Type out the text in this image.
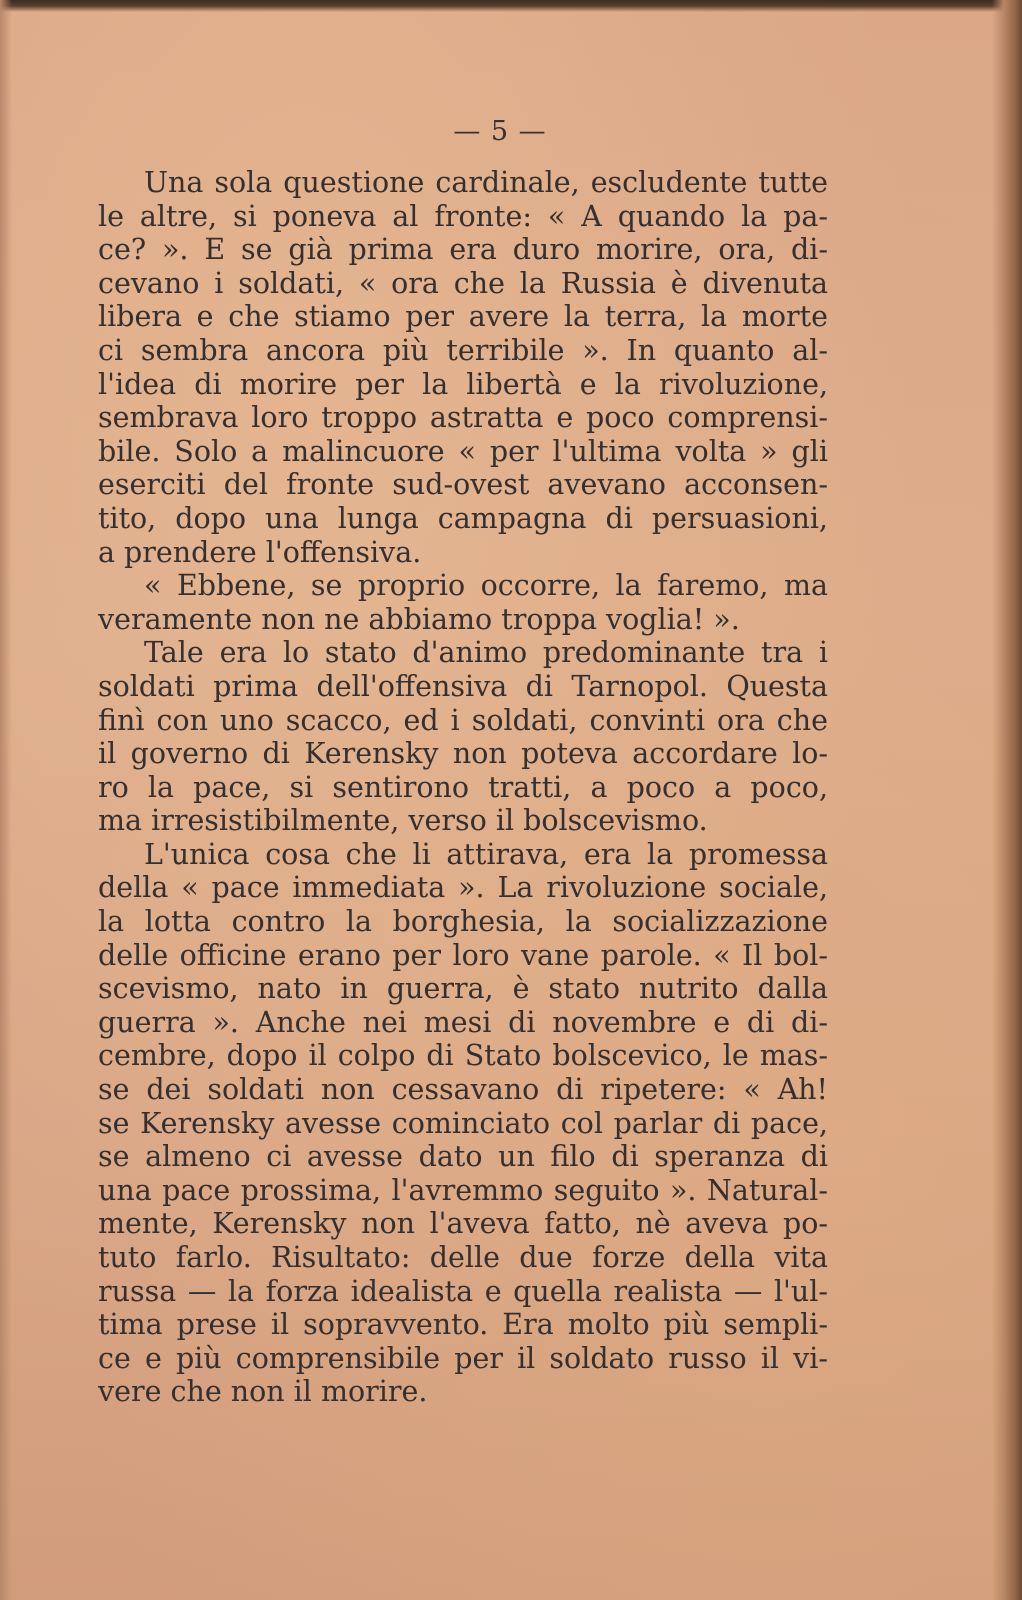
— 5 —
Una sola questione cardinale, escludente tutte
le altre, si poneva al fronte: « A quando la pa-
ce? ». E se già prima era duro morire, ora, di-
cevano i soldati, « ora che la Russia è divenuta
libera e che stiamo per avere la terra, la morte
ci sembra ancora più terribile ». In quanto al-
l'idea di morire per la libertà e la rivoluzione,
sembrava loro troppo astratta e poco comprensi-
bile. Solo a malincuore « per l'ultima volta » gli
eserciti del fronte sud-ovest avevano acconsen-
tito, dopo una lunga campagna di persuasioni,
a prendere l'offensiva.
« Ebbene, se proprio occorre, la faremo, ma
veramente non ne abbiamo troppa voglia! ».
Tale era lo stato d'animo predominante tra i
soldati prima dell'offensiva di Tarnopol. Questa
finì con uno scacco, ed i soldati, convinti ora che
il governo di Kerensky non poteva accordare lo-
ro la pace, si sentirono tratti, a poco a poco,
ma irresistibilmente, verso il bolscevismo.
L'unica cosa che li attirava, era la promessa
della « pace immediata ». La rivoluzione sociale,
la lotta contro la borghesia, la socializzazione
delle officine erano per loro vane parole. « Il bol-
scevismo, nato in guerra, è stato nutrito dalla
guerra ». Anche nei mesi di novembre e di di-
cembre, dopo il colpo di Stato bolscevico, le mas-
se dei soldati non cessavano di ripetere: « Ah!
se Kerensky avesse cominciato col parlar di pace,
se almeno ci avesse dato un filo di speranza di
una pace prossima, l'avremmo seguito ». Natural-
mente, Kerensky non l'aveva fatto, nè aveva po-
tuto farlo. Risultato: delle due forze della vita
russa — la forza idealista e quella realista — l'ul-
tima prese il sopravvento. Era molto più sempli-
ce e più comprensibile per il soldato russo il vi-
vere che non il morire.
